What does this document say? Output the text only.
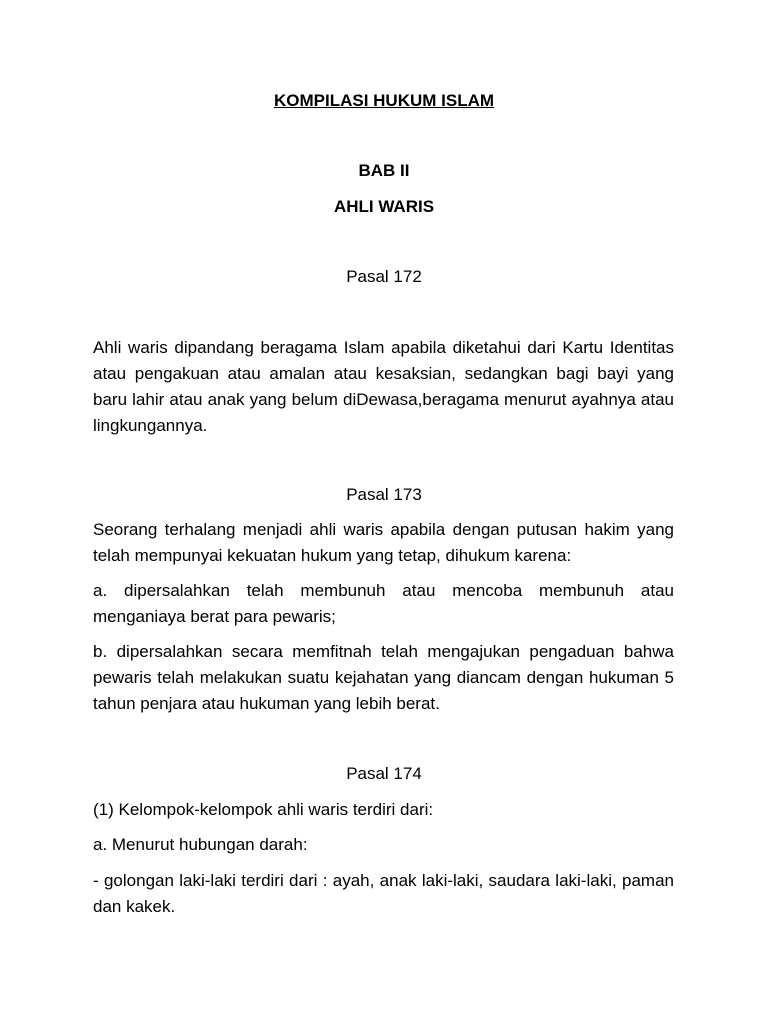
KOMPILASI HUKUM ISLAM

BAB II

AHLI WARIS

Pasal 172

Ahli waris dipandang beragama Islam apabila diketahui dari Kartu Identitas atau pengakuan atau amalan atau kesaksian, sedangkan bagi bayi yang baru lahir atau anak yang belum diDewasa,beragama menurut ayahnya atau lingkungannya.

Pasal 173

Seorang terhalang menjadi ahli waris apabila dengan putusan hakim yang telah mempunyai kekuatan hukum yang tetap, dihukum karena:

a. dipersalahkan telah membunuh atau mencoba membunuh atau menganiaya berat para pewaris;

b. dipersalahkan secara memfitnah telah mengajukan pengaduan bahwa pewaris telah melakukan suatu kejahatan yang diancam dengan hukuman 5 tahun penjara atau hukuman yang lebih berat.

Pasal 174

(1) Kelompok-kelompok ahli waris terdiri dari:

a. Menurut hubungan darah:

- golongan laki-laki terdiri dari : ayah, anak laki-laki, saudara laki-laki, paman dan kakek.
